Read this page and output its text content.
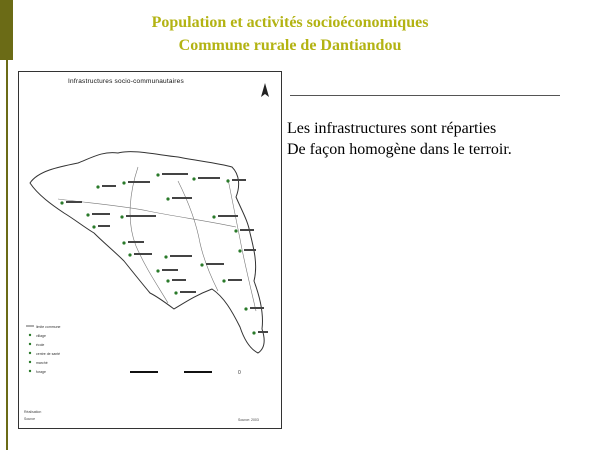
Population et activités socioéconomiques
Commune rurale de Dantiandou
Infrastructures socio-communautaires
limite commune
village
école
centre de santé
marché
forage	0
Réalisation
Source	Source: 2003
Les infrastructures sont réparties
De façon homogène dans le terroir.
